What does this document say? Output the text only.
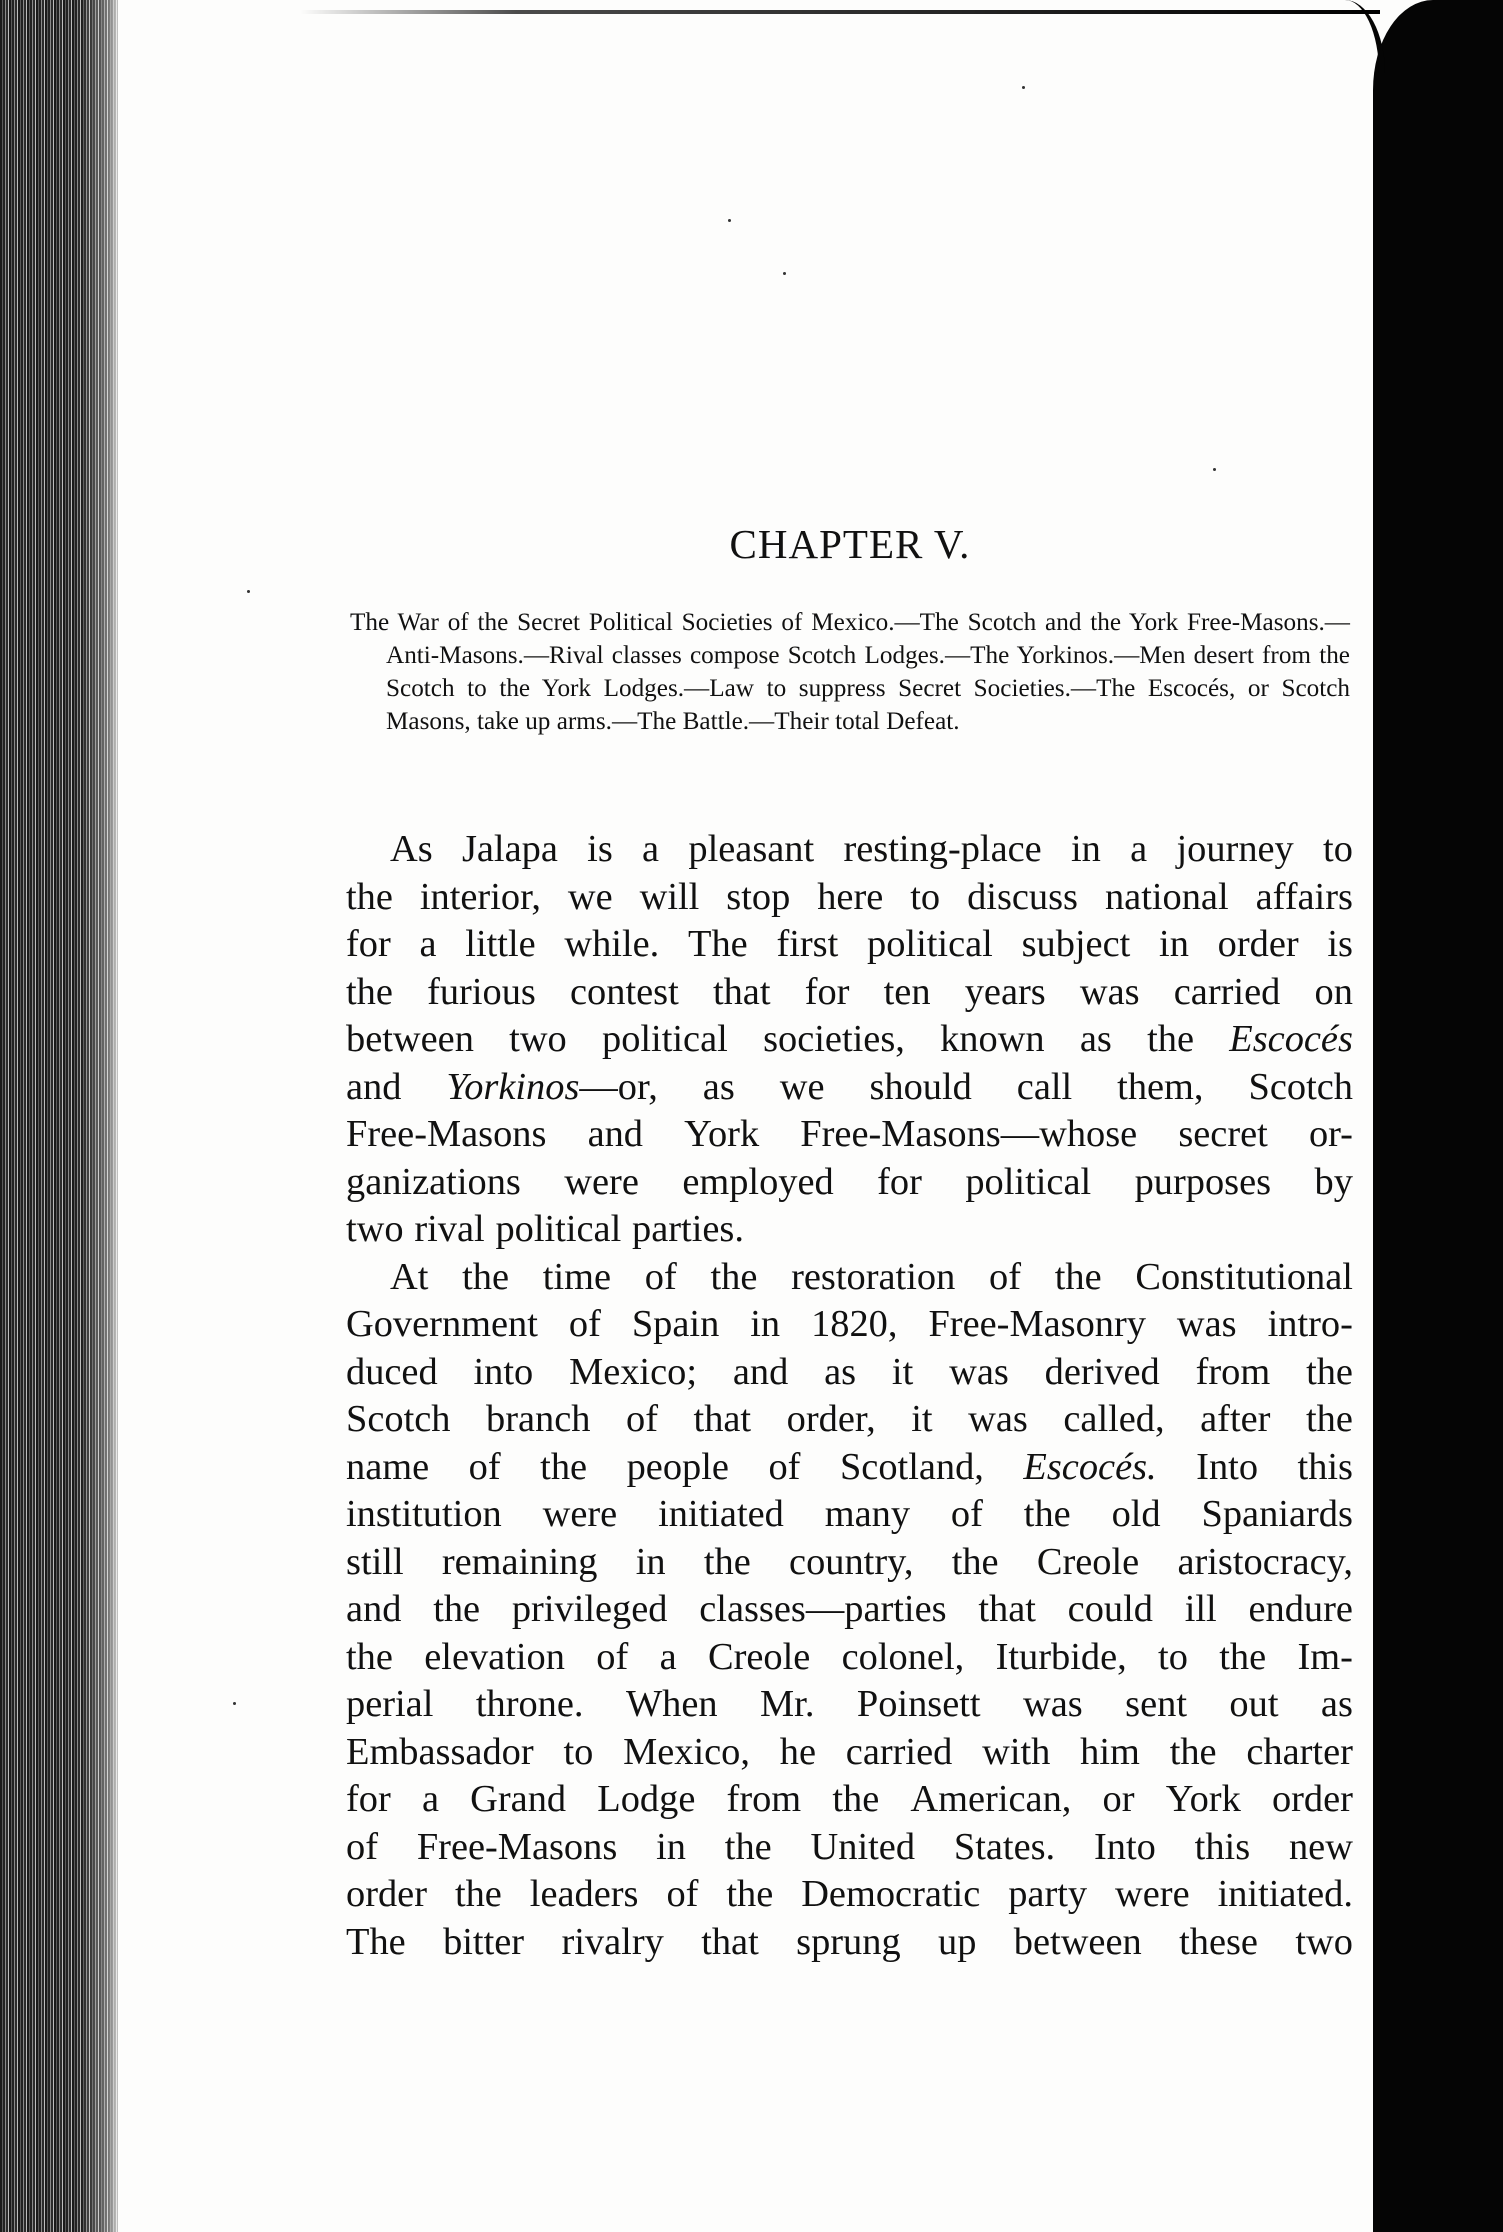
CHAPTER V.

The War of the Secret Political Societies of Mexico.—The Scotch and the York Free-Masons.—Anti-Masons.—Rival classes compose Scotch Lodges.—The Yorkinos.—Men desert from the Scotch to the York Lodges.—Law to suppress Secret Societies.—The Escocés, or Scotch Masons, take up arms.—The Battle.—Their total Defeat.

As Jalapa is a pleasant resting-place in a journey to
the interior, we will stop here to discuss national affairs
for a little while. The first political subject in order is
the furious contest that for ten years was carried on
between two political societies, known as the Escocés
and Yorkinos—or, as we should call them, Scotch
Free-Masons and York Free-Masons—whose secret or-
ganizations were employed for political purposes by
two rival political parties.
At the time of the restoration of the Constitutional
Government of Spain in 1820, Free-Masonry was intro-
duced into Mexico; and as it was derived from the
Scotch branch of that order, it was called, after the
name of the people of Scotland, Escocés. Into this
institution were initiated many of the old Spaniards
still remaining in the country, the Creole aristocracy,
and the privileged classes—parties that could ill endure
the elevation of a Creole colonel, Iturbide, to the Im-
perial throne. When Mr. Poinsett was sent out as
Embassador to Mexico, he carried with him the charter
for a Grand Lodge from the American, or York order
of Free-Masons in the United States. Into this new
order the leaders of the Democratic party were initiated.
The bitter rivalry that sprung up between these two
